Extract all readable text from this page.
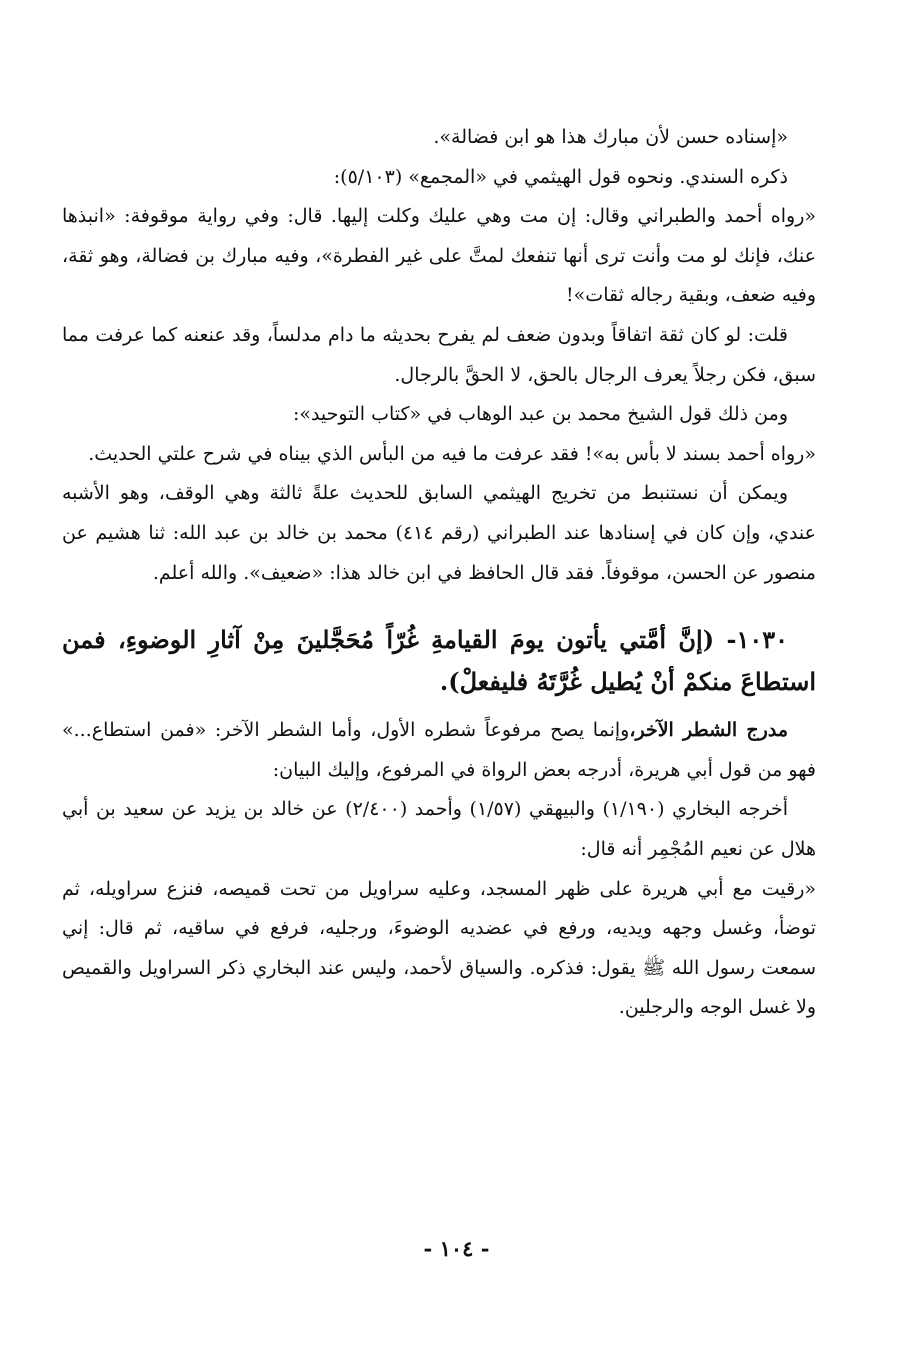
«إسناده حسن لأن مبارك هذا هو ابن فضالة».

ذكره السندي. ونحوه قول الهيثمي في «المجمع» (٥/١٠٣):

«رواه أحمد والطبراني وقال: إن مت وهي عليك وكلت إليها. قال: وفي رواية موقوفة: «انبذها عنك، فإنك لو مت وأنت ترى أنها تنفعك لمتَّ على غير الفطرة»، وفيه مبارك بن فضالة، وهو ثقة، وفيه ضعف، وبقية رجاله ثقات»!

قلت: لو كان ثقة اتفاقاً وبدون ضعف لم يفرح بحديثه ما دام مدلساً، وقد عنعنه كما عرفت مما سبق، فكن رجلاً يعرف الرجال بالحق، لا الحقَّ بالرجال.

ومن ذلك قول الشيخ محمد بن عبد الوهاب في «كتاب التوحيد»:

«رواه أحمد بسند لا بأس به»! فقد عرفت ما فيه من البأس الذي بيناه في شرح علتي الحديث.

ويمكن أن نستنبط من تخريج الهيثمي السابق للحديث علةً ثالثة وهي الوقف، وهو الأشبه عندي، وإن كان في إسنادها عند الطبراني (رقم ٤١٤) محمد بن خالد بن عبد الله: ثنا هشيم عن منصور عن الحسن، موقوفاً. فقد قال الحافظ في ابن خالد هذا: «ضعيف». والله أعلم.

١٠٣٠- (إنَّ أمَّتي يأتون يومَ القيامةِ غُرّاً مُحَجَّلينَ مِنْ آثارِ الوضوءِ، فمن استطاعَ منكمْ أنْ يُطيل غُرَّتَهُ فليفعلْ).

مدرج الشطر الآخر،وإنما يصح مرفوعاً شطره الأول، وأما الشطر الآخر: «فمن استطاع...» فهو من قول أبي هريرة، أدرجه بعض الرواة في المرفوع، وإليك البيان:

أخرجه البخاري (١/١٩٠) والبيهقي (١/٥٧) وأحمد (٢/٤٠٠) عن خالد بن يزيد عن سعيد بن أبي هلال عن نعيم المُجْمِر أنه قال:

«رقيت مع أبي هريرة على ظهر المسجد، وعليه سراويل من تحت قميصه، فنزع سراويله، ثم توضأ، وغسل وجهه ويديه، ورفع في عضديه الوضوءَ، ورجليه، فرفع في ساقيه، ثم قال: إني سمعت رسول الله ﷺ يقول: فذكره. والسياق لأحمد، وليس عند البخاري ذكر السراويل والقميص ولا غسل الوجه والرجلين.

- ١٠٤ -
